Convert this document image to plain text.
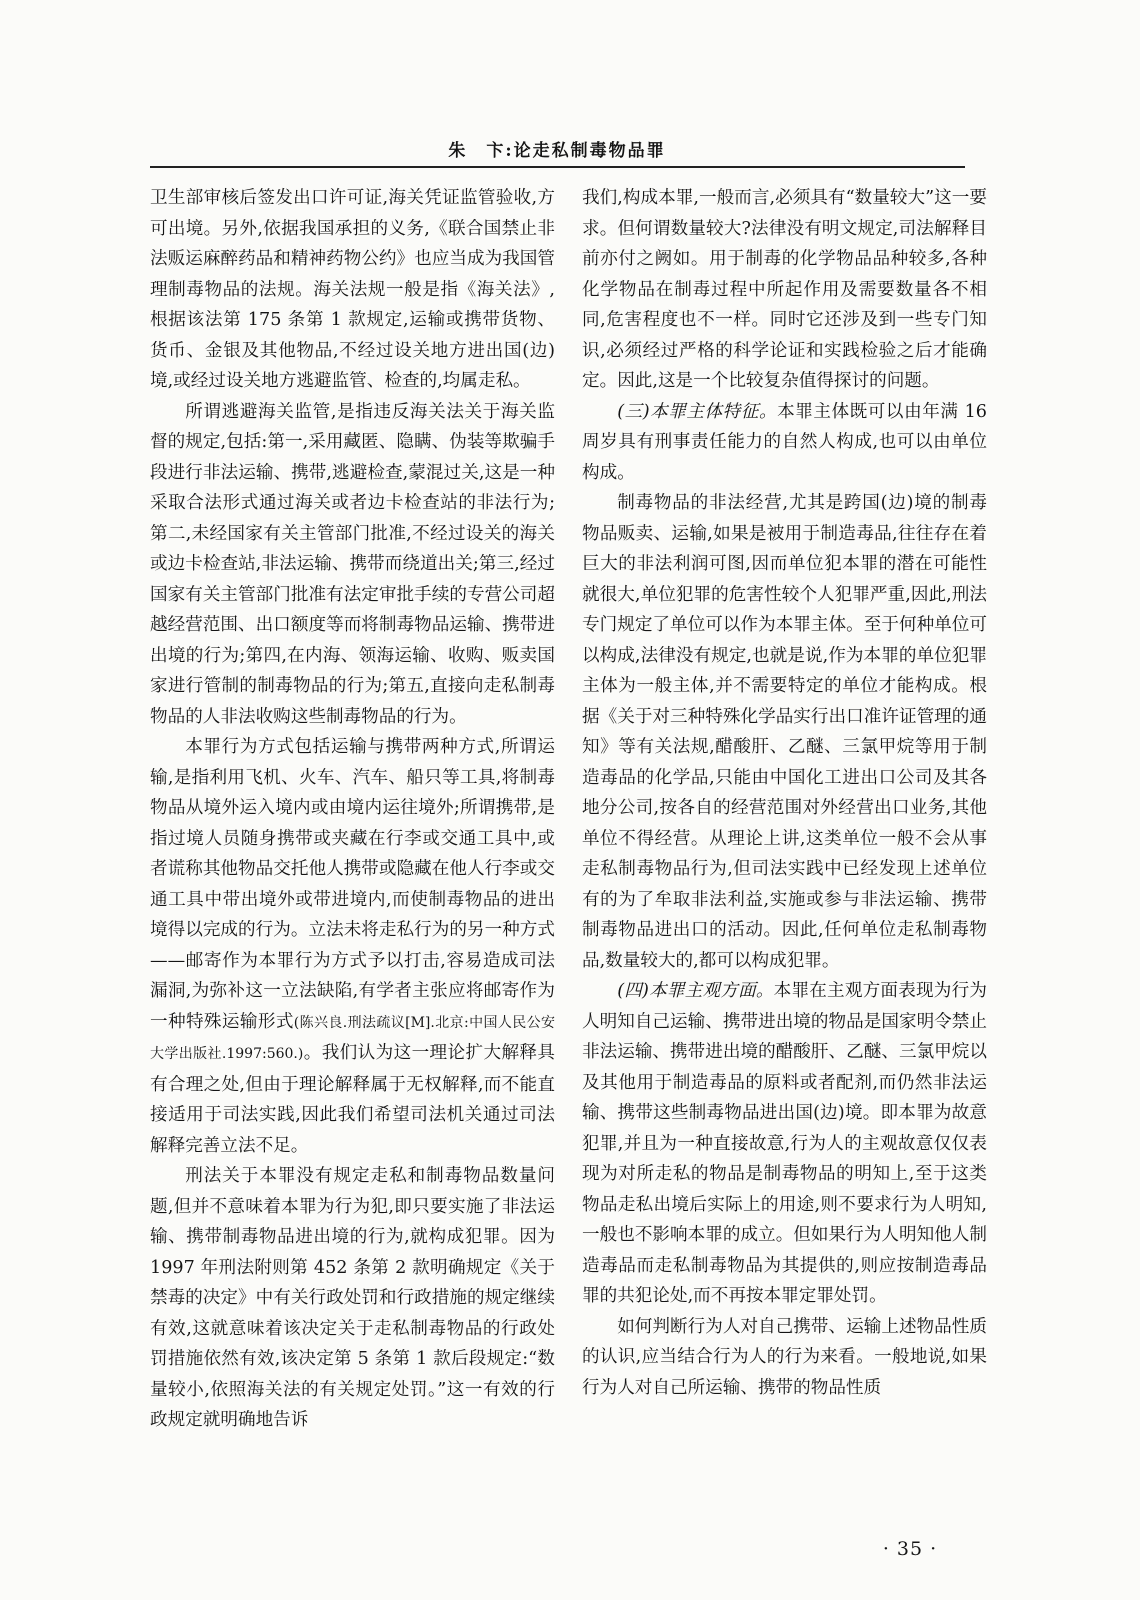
朱　卞:论走私制毒物品罪

卫生部审核后签发出口许可证,海关凭证监管验收,方可出境。另外,依据我国承担的义务,《联合国禁止非法贩运麻醉药品和精神药物公约》也应当成为我国管理制毒物品的法规。海关法规一般是指《海关法》,根据该法第 175 条第 1 款规定,运输或携带货物、货币、金银及其他物品,不经过设关地方进出国(边)境,或经过设关地方逃避监管、检查的,均属走私。

所谓逃避海关监管,是指违反海关法关于海关监督的规定,包括:第一,采用藏匿、隐瞒、伪装等欺骗手段进行非法运输、携带,逃避检查,蒙混过关,这是一种采取合法形式通过海关或者边卡检查站的非法行为;第二,未经国家有关主管部门批准,不经过设关的海关或边卡检查站,非法运输、携带而绕道出关;第三,经过国家有关主管部门批准有法定审批手续的专营公司超越经营范围、出口额度等而将制毒物品运输、携带进出境的行为;第四,在内海、领海运输、收购、贩卖国家进行管制的制毒物品的行为;第五,直接向走私制毒物品的人非法收购这些制毒物品的行为。

本罪行为方式包括运输与携带两种方式,所谓运输,是指利用飞机、火车、汽车、船只等工具,将制毒物品从境外运入境内或由境内运往境外;所谓携带,是指过境人员随身携带或夹藏在行李或交通工具中,或者谎称其他物品交托他人携带或隐藏在他人行李或交通工具中带出境外或带进境内,而使制毒物品的进出境得以完成的行为。立法未将走私行为的另一种方式——邮寄作为本罪行为方式予以打击,容易造成司法漏洞,为弥补这一立法缺陷,有学者主张应将邮寄作为一种特殊运输形式(陈兴良.刑法疏议[M].北京:中国人民公安大学出版社.1997:560.)。我们认为这一理论扩大解释具有合理之处,但由于理论解释属于无权解释,而不能直接适用于司法实践,因此我们希望司法机关通过司法解释完善立法不足。

刑法关于本罪没有规定走私和制毒物品数量问题,但并不意味着本罪为行为犯,即只要实施了非法运输、携带制毒物品进出境的行为,就构成犯罪。因为 1997 年刑法附则第 452 条第 2 款明确规定《关于禁毒的决定》中有关行政处罚和行政措施的规定继续有效,这就意味着该决定关于走私制毒物品的行政处罚措施依然有效,该决定第 5 条第 1 款后段规定:“数量较小,依照海关法的有关规定处罚。”这一有效的行政规定就明确地告诉

我们,构成本罪,一般而言,必须具有“数量较大”这一要求。但何谓数量较大?法律没有明文规定,司法解释目前亦付之阙如。用于制毒的化学物品品种较多,各种化学物品在制毒过程中所起作用及需要数量各不相同,危害程度也不一样。同时它还涉及到一些专门知识,必须经过严格的科学论证和实践检验之后才能确定。因此,这是一个比较复杂值得探讨的问题。

(三)本罪主体特征。本罪主体既可以由年满 16 周岁具有刑事责任能力的自然人构成,也可以由单位构成。

制毒物品的非法经营,尤其是跨国(边)境的制毒物品贩卖、运输,如果是被用于制造毒品,往往存在着巨大的非法利润可图,因而单位犯本罪的潜在可能性就很大,单位犯罪的危害性较个人犯罪严重,因此,刑法专门规定了单位可以作为本罪主体。至于何种单位可以构成,法律没有规定,也就是说,作为本罪的单位犯罪主体为一般主体,并不需要特定的单位才能构成。根据《关于对三种特殊化学品实行出口准许证管理的通知》等有关法规,醋酸肝、乙醚、三氯甲烷等用于制造毒品的化学品,只能由中国化工进出口公司及其各地分公司,按各自的经营范围对外经营出口业务,其他单位不得经营。从理论上讲,这类单位一般不会从事走私制毒物品行为,但司法实践中已经发现上述单位有的为了牟取非法利益,实施或参与非法运输、携带制毒物品进出口的活动。因此,任何单位走私制毒物品,数量较大的,都可以构成犯罪。

(四)本罪主观方面。本罪在主观方面表现为行为人明知自己运输、携带进出境的物品是国家明令禁止非法运输、携带进出境的醋酸肝、乙醚、三氯甲烷以及其他用于制造毒品的原料或者配剂,而仍然非法运输、携带这些制毒物品进出国(边)境。即本罪为故意犯罪,并且为一种直接故意,行为人的主观故意仅仅表现为对所走私的物品是制毒物品的明知上,至于这类物品走私出境后实际上的用途,则不要求行为人明知,一般也不影响本罪的成立。但如果行为人明知他人制造毒品而走私制毒物品为其提供的,则应按制造毒品罪的共犯论处,而不再按本罪定罪处罚。

如何判断行为人对自己携带、运输上述物品性质的认识,应当结合行为人的行为来看。一般地说,如果行为人对自己所运输、携带的物品性质

· 35 ·
